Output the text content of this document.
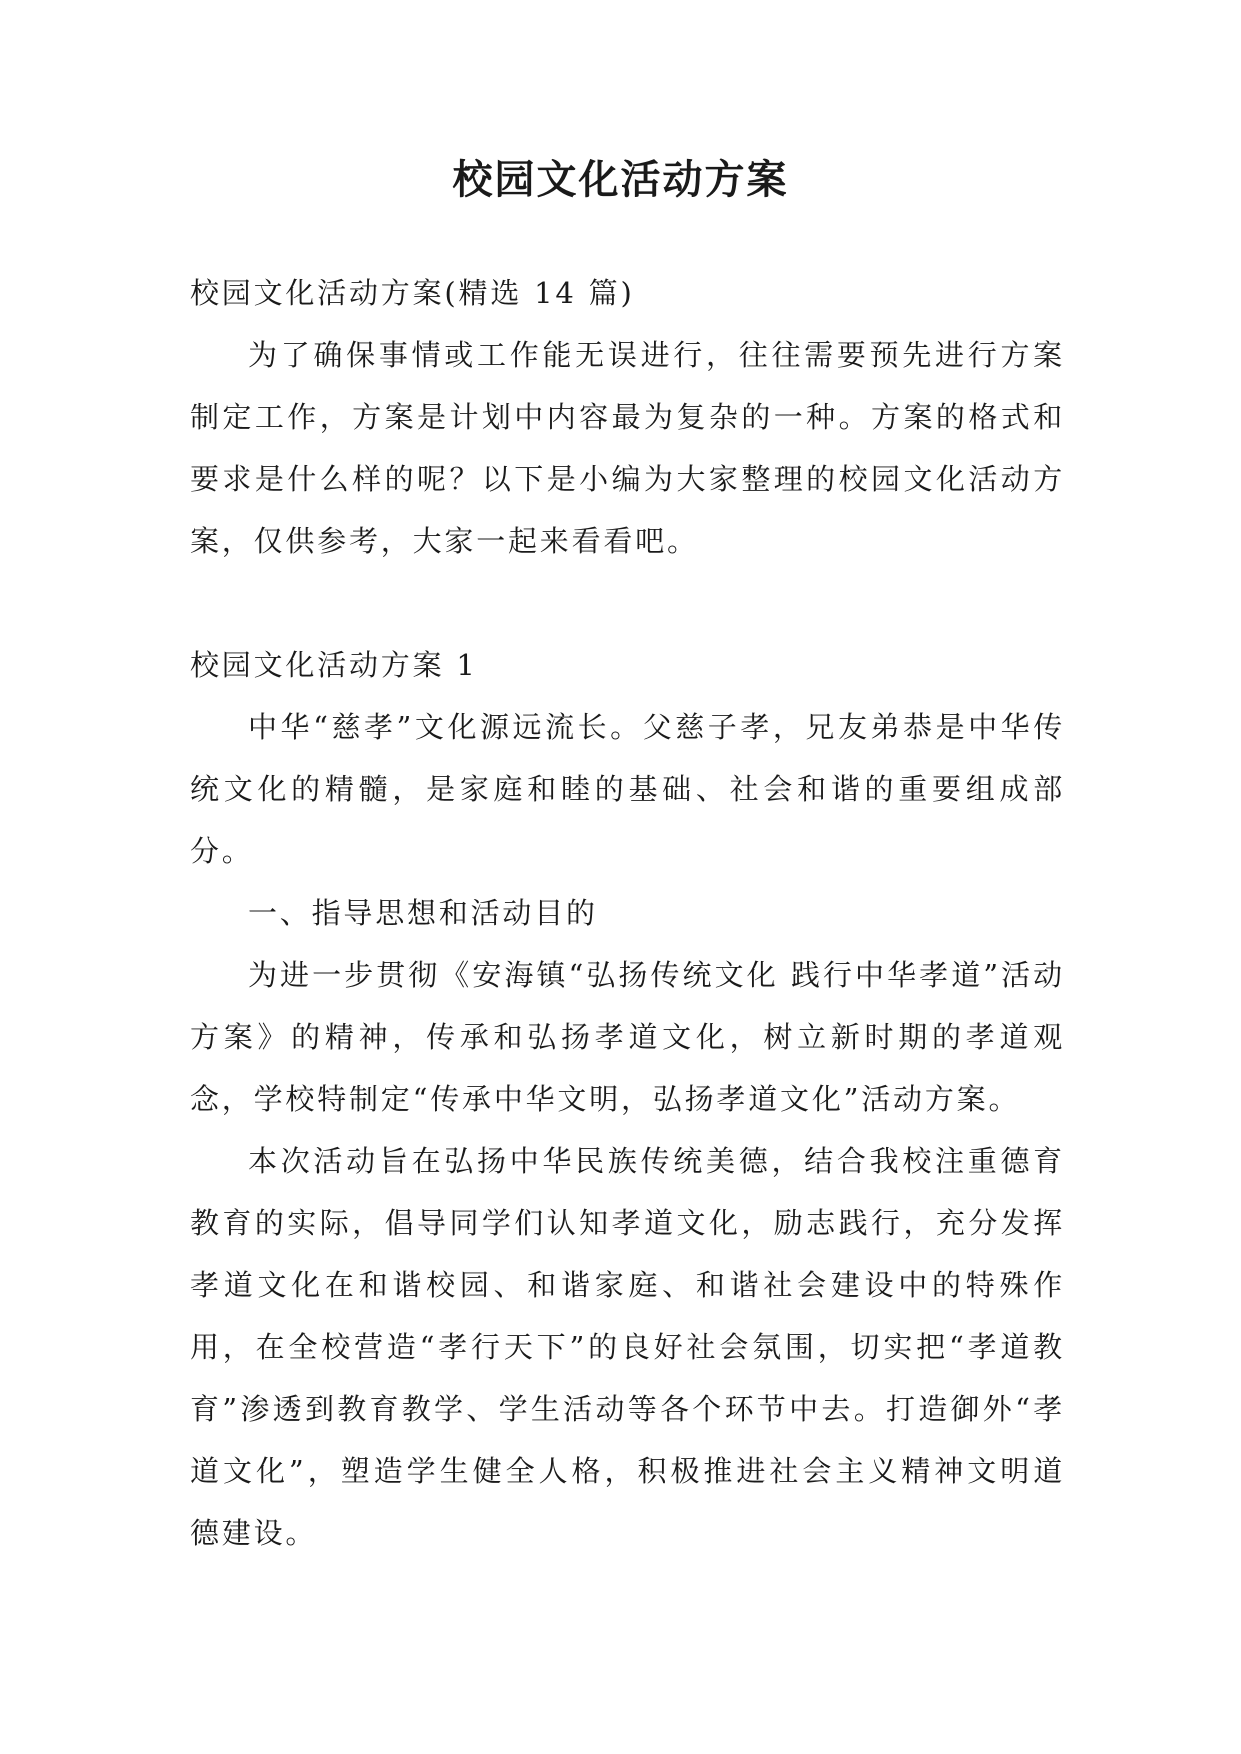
校园文化活动方案

校园文化活动方案(精选 14 篇)

为了确保事情或工作能无误进行，往往需要预先进行方案制定工作，方案是计划中内容最为复杂的一种。方案的格式和要求是什么样的呢？以下是小编为大家整理的校园文化活动方案，仅供参考，大家一起来看看吧。

校园文化活动方案 1

中华“慈孝”文化源远流长。父慈子孝，兄友弟恭是中华传统文化的精髓，是家庭和睦的基础、社会和谐的重要组成部分。

一、指导思想和活动目的

为进一步贯彻《安海镇“弘扬传统文化 践行中华孝道”活动方案》的精神，传承和弘扬孝道文化，树立新时期的孝道观念，学校特制定“传承中华文明，弘扬孝道文化”活动方案。

本次活动旨在弘扬中华民族传统美德，结合我校注重德育教育的实际，倡导同学们认知孝道文化，励志践行，充分发挥孝道文化在和谐校园、和谐家庭、和谐社会建设中的特殊作用，在全校营造“孝行天下”的良好社会氛围，切实把“孝道教育”渗透到教育教学、学生活动等各个环节中去。打造御外“孝道文化”，塑造学生健全人格，积极推进社会主义精神文明道德建设。
